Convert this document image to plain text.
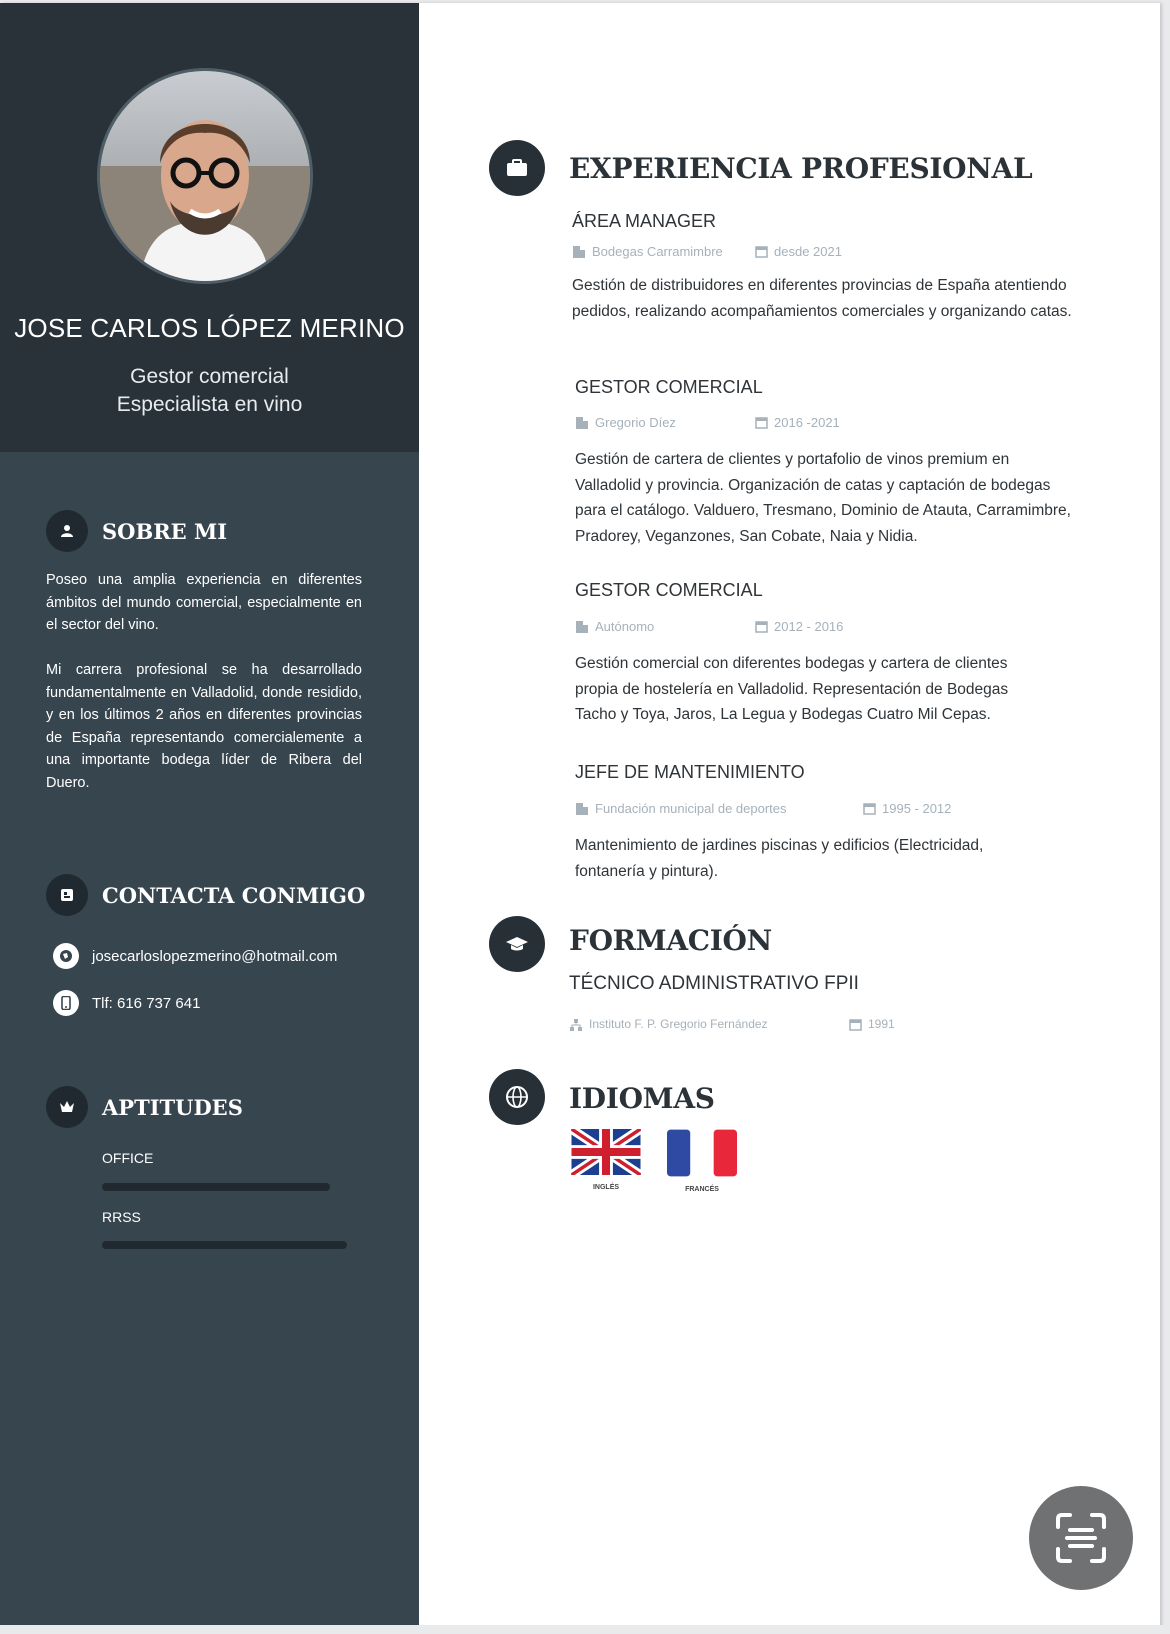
JOSE CARLOS LÓPEZ MERINO
Gestor comercial
Especialista en vino
SOBRE MI
Poseo una amplia experiencia en diferentes ámbitos del mundo comercial, especialmente en el sector del vino.
Mi carrera profesional se ha desarrollado fundamentalmente en Valladolid, donde residido, y en los últimos 2 años en diferentes provincias de España representando comercialemente a una importante bodega líder de Ribera del Duero.
CONTACTA CONMIGO
josecarloslopezmerino@hotmail.com
Tlf: 616 737 641
APTITUDES
OFFICE
RRSS
EXPERIENCIA PROFESIONAL
ÁREA MANAGER
Bodegas Carramimbre	desde 2021
Gestión de distribuidores en diferentes provincias de España atentiendo pedidos, realizando acompañamientos comerciales y organizando catas.
GESTOR COMERCIAL
Gregorio Díez	2016 -2021
Gestión de cartera de clientes y portafolio de vinos premium en Valladolid y provincia. Organización de catas y captación de bodegas para el catálogo. Valduero, Tresmano, Dominio de Atauta, Carramimbre, Pradorey, Veganzones, San Cobate, Naia y Nidia.
GESTOR COMERCIAL
Autónomo	2012 - 2016
Gestión comercial con diferentes bodegas y cartera de clientes propia de hostelería en Valladolid. Representación de Bodegas Tacho y Toya, Jaros, La Legua y Bodegas Cuatro Mil Cepas.
JEFE DE MANTENIMIENTO
Fundación municipal de deportes	1995 - 2012
Mantenimiento de jardines piscinas y edificios (Electricidad, fontanería y pintura).
FORMACIÓN
TÉCNICO ADMINISTRATIVO FPII
Instituto F. P. Gregorio Fernández	1991
IDIOMAS
INGLÉS	FRANCÉS
